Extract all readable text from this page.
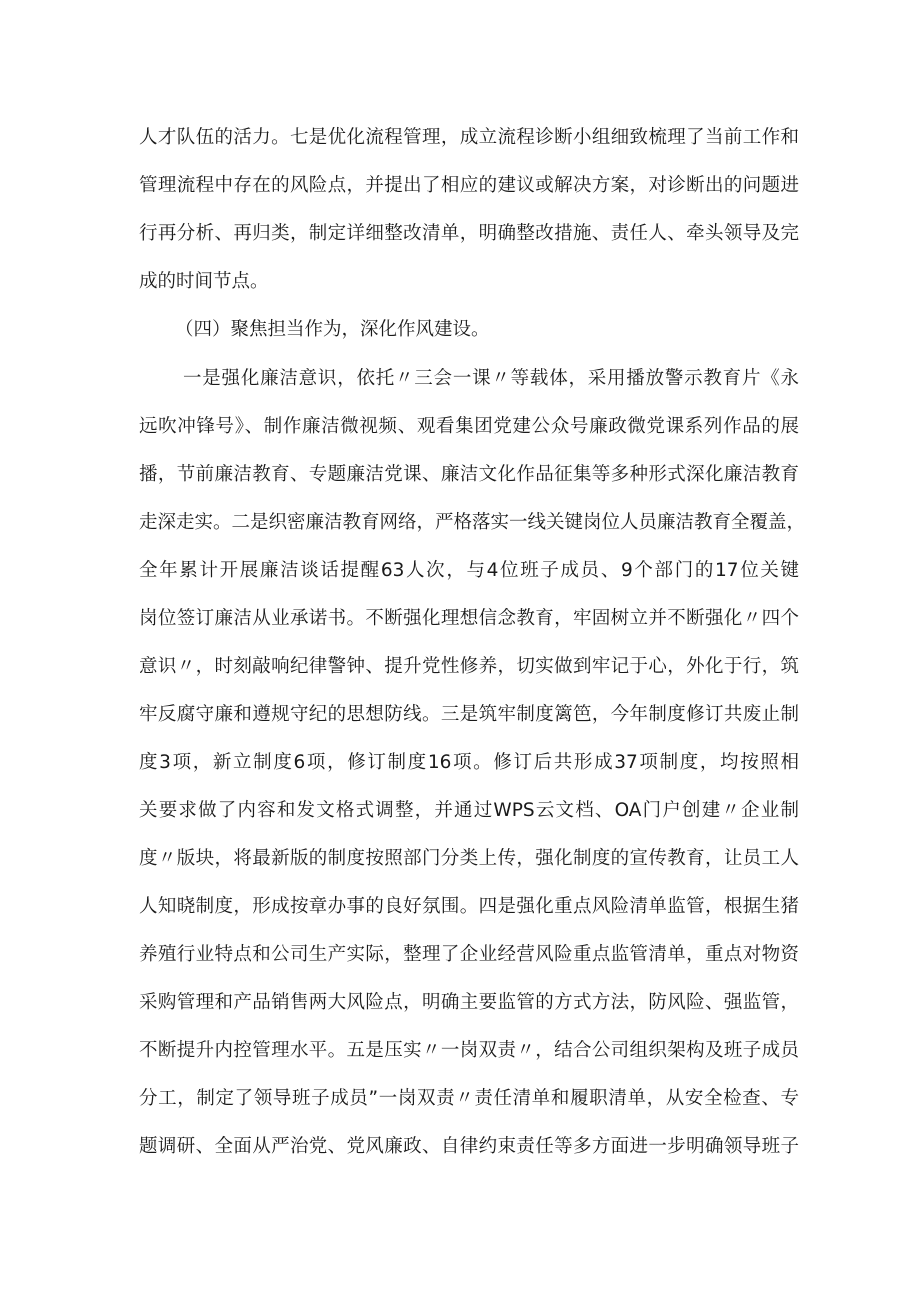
人才队伍的活力。七是优化流程管理，成立流程诊断小组细致梳理了当前工作和
管理流程中存在的风险点，并提出了相应的建议或解决方案，对诊断出的问题进
行再分析、再归类，制定详细整改清单，明确整改措施、责任人、牵头领导及完
成的时间节点。
（四）聚焦担当作为，深化作风建设。
一是强化廉洁意识，依托〃三会一课〃等载体，采用播放警示教育片《永
远吹冲锋号》、制作廉洁微视频、观看集团党建公众号廉政微党课系列作品的展
播，节前廉洁教育、专题廉洁党课、廉洁文化作品征集等多种形式深化廉洁教育
走深走实。二是织密廉洁教育网络，严格落实一线关键岗位人员廉洁教育全覆盖，
全年累计开展廉洁谈话提醒63人次，与4位班子成员、9个部门的17位关键
岗位签订廉洁从业承诺书。不断强化理想信念教育，牢固树立并不断强化〃四个
意识〃，时刻敲响纪律警钟、提升党性修养，切实做到牢记于心，外化于行，筑
牢反腐守廉和遵规守纪的思想防线。三是筑牢制度篱笆，今年制度修订共废止制
度3项，新立制度6项，修订制度16项。修订后共形成37项制度，均按照相
关要求做了内容和发文格式调整，并通过WPS云文档、OA门户创建〃企业制
度〃版块，将最新版的制度按照部门分类上传，强化制度的宣传教育，让员工人
人知晓制度，形成按章办事的良好氛围。四是强化重点风险清单监管，根据生猪
养殖行业特点和公司生产实际，整理了企业经营风险重点监管清单，重点对物资
采购管理和产品销售两大风险点，明确主要监管的方式方法，防风险、强监管，
不断提升内控管理水平。五是压实〃一岗双责〃，结合公司组织架构及班子成员
分工，制定了领导班子成员”一岗双责〃责任清单和履职清单，从安全检查、专
题调研、全面从严治党、党风廉政、自律约束责任等多方面进一步明确领导班子
